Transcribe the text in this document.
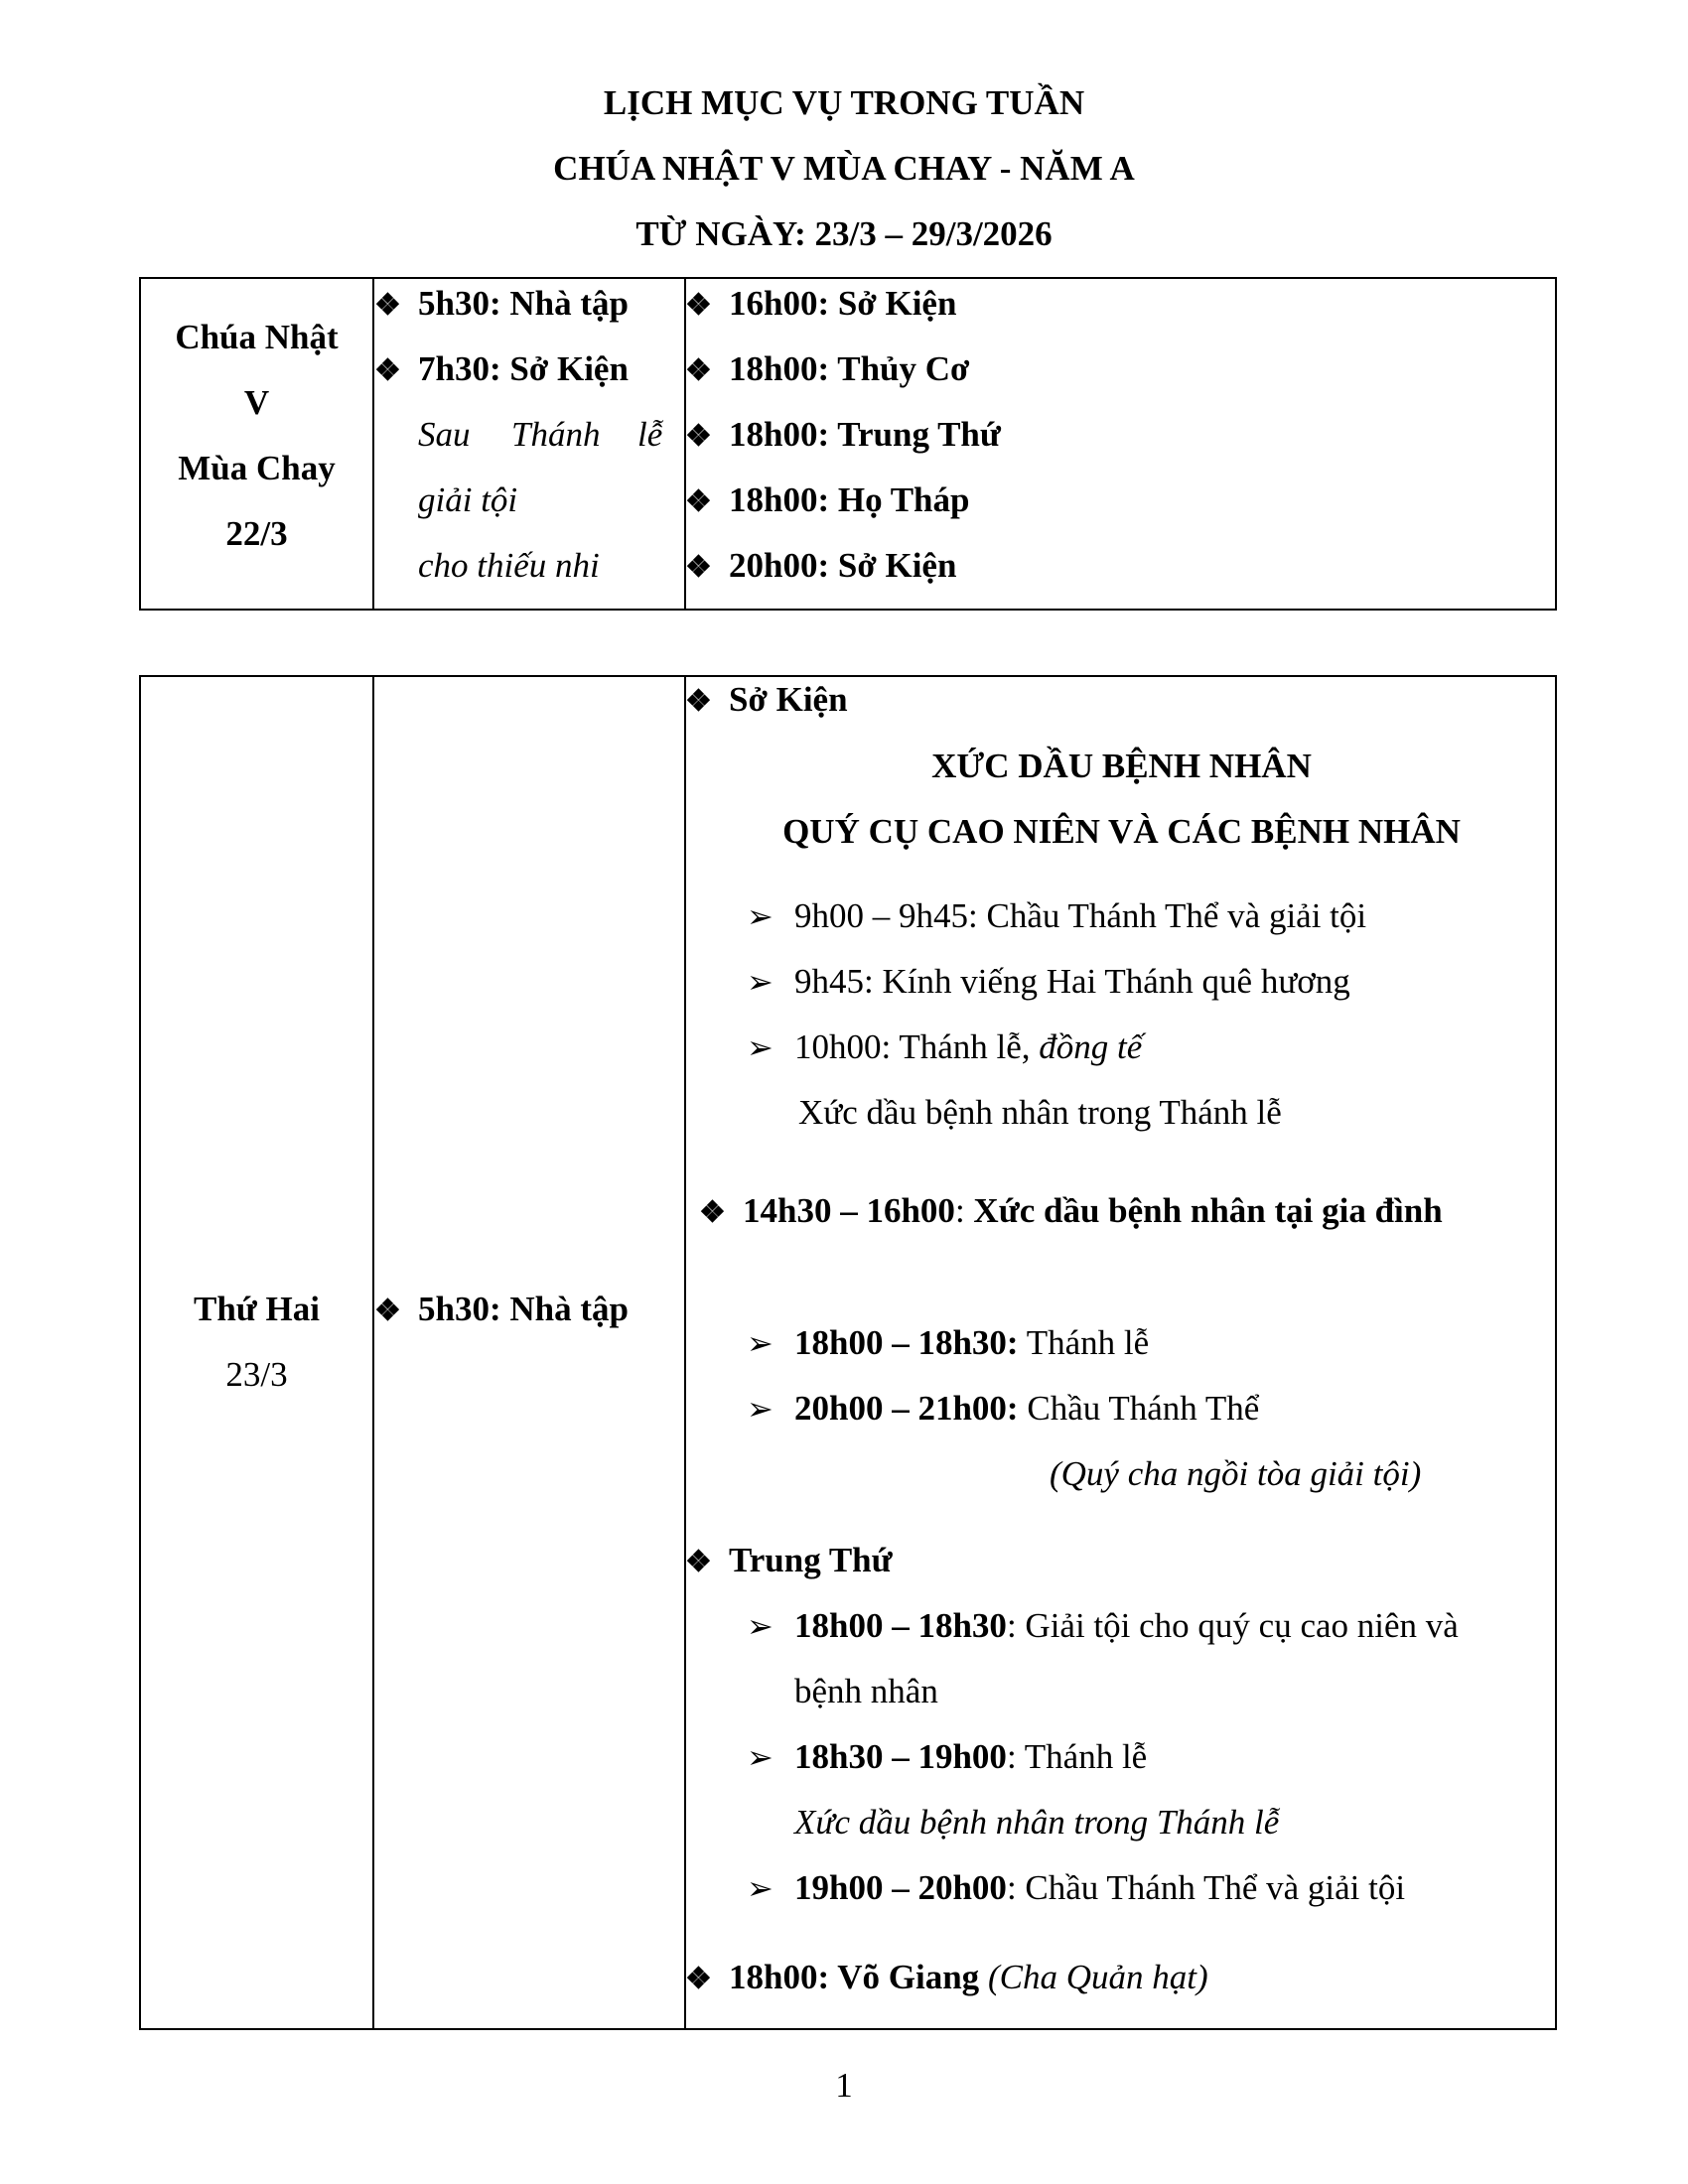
LỊCH MỤC VỤ TRONG TUẦN
CHÚA NHẬT V MÙA CHAY - NĂM A
TỪ NGÀY: 23/3 – 29/3/2026
Chúa Nhật
V
Mùa Chay
22/3
❖ 5h30: Nhà tập
❖ 7h30: Sở Kiện
Sau Thánh lễ
giải tội
cho thiếu nhi
❖ 16h00: Sở Kiện
❖ 18h00: Thủy Cơ
❖ 18h00: Trung Thứ
❖ 18h00: Họ Tháp
❖ 20h00: Sở Kiện
Thứ Hai
23/3
❖ 5h30: Nhà tập
❖ Sở Kiện
XỨC DẦU BỆNH NHÂN
QUÝ CỤ CAO NIÊN VÀ CÁC BỆNH NHÂN
➢ 9h00 – 9h45: Chầu Thánh Thể và giải tội
➢ 9h45: Kính viếng Hai Thánh quê hương
➢ 10h00: Thánh lễ, đồng tế
Xức dầu bệnh nhân trong Thánh lễ
❖ 14h30 – 16h00: Xức dầu bệnh nhân tại gia đình
➢ 18h00 – 18h30: Thánh lễ
➢ 20h00 – 21h00: Chầu Thánh Thể
(Quý cha ngồi tòa giải tội)
❖ Trung Thứ
➢ 18h00 – 18h30: Giải tội cho quý cụ cao niên và
bệnh nhân
➢ 18h30 – 19h00: Thánh lễ
Xức dầu bệnh nhân trong Thánh lễ
➢ 19h00 – 20h00: Chầu Thánh Thể và giải tội
❖ 18h00: Võ Giang (Cha Quản hạt)
1
